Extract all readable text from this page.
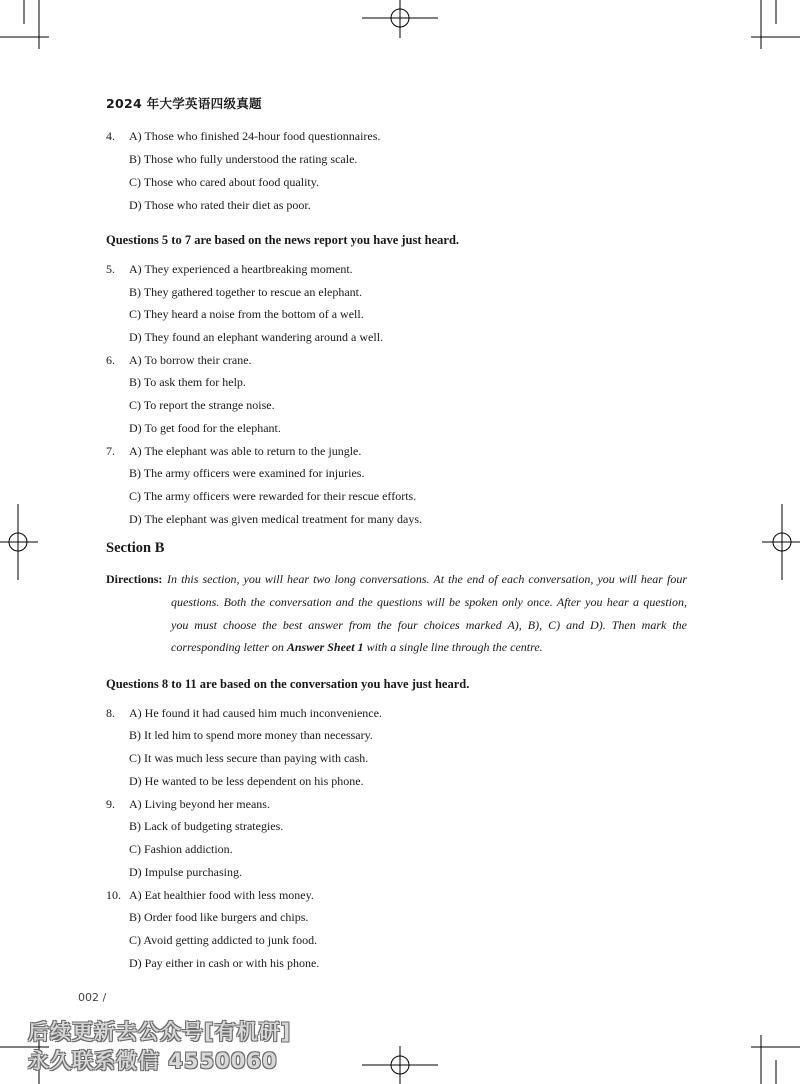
2024 年大学英语四级真题
4. A) Those who finished 24-hour food questionnaires.
B) Those who fully understood the rating scale.
C) Those who cared about food quality.
D) Those who rated their diet as poor.
Questions 5 to 7 are based on the news report you have just heard.
5. A) They experienced a heartbreaking moment.
B) They gathered together to rescue an elephant.
C) They heard a noise from the bottom of a well.
D) They found an elephant wandering around a well.
6. A) To borrow their crane.
B) To ask them for help.
C) To report the strange noise.
D) To get food for the elephant.
7. A) The elephant was able to return to the jungle.
B) The army officers were examined for injuries.
C) The army officers were rewarded for their rescue efforts.
D) The elephant was given medical treatment for many days.
Section B
Directions: In this section, you will hear two long conversations. At the end of each conversation, you will hear four
questions. Both the conversation and the questions will be spoken only once. After you hear a question,
you must choose the best answer from the four choices marked A), B), C) and D). Then mark the
corresponding letter on Answer Sheet 1 with a single line through the centre.
Questions 8 to 11 are based on the conversation you have just heard.
8. A) He found it had caused him much inconvenience.
B) It led him to spend more money than necessary.
C) It was much less secure than paying with cash.
D) He wanted to be less dependent on his phone.
9. A) Living beyond her means.
B) Lack of budgeting strategies.
C) Fashion addiction.
D) Impulse purchasing.
10. A) Eat healthier food with less money.
B) Order food like burgers and chips.
C) Avoid getting addicted to junk food.
D) Pay either in cash or with his phone.
002 /
后续更新去公众号[有机研]
永久联系微信 4550060
